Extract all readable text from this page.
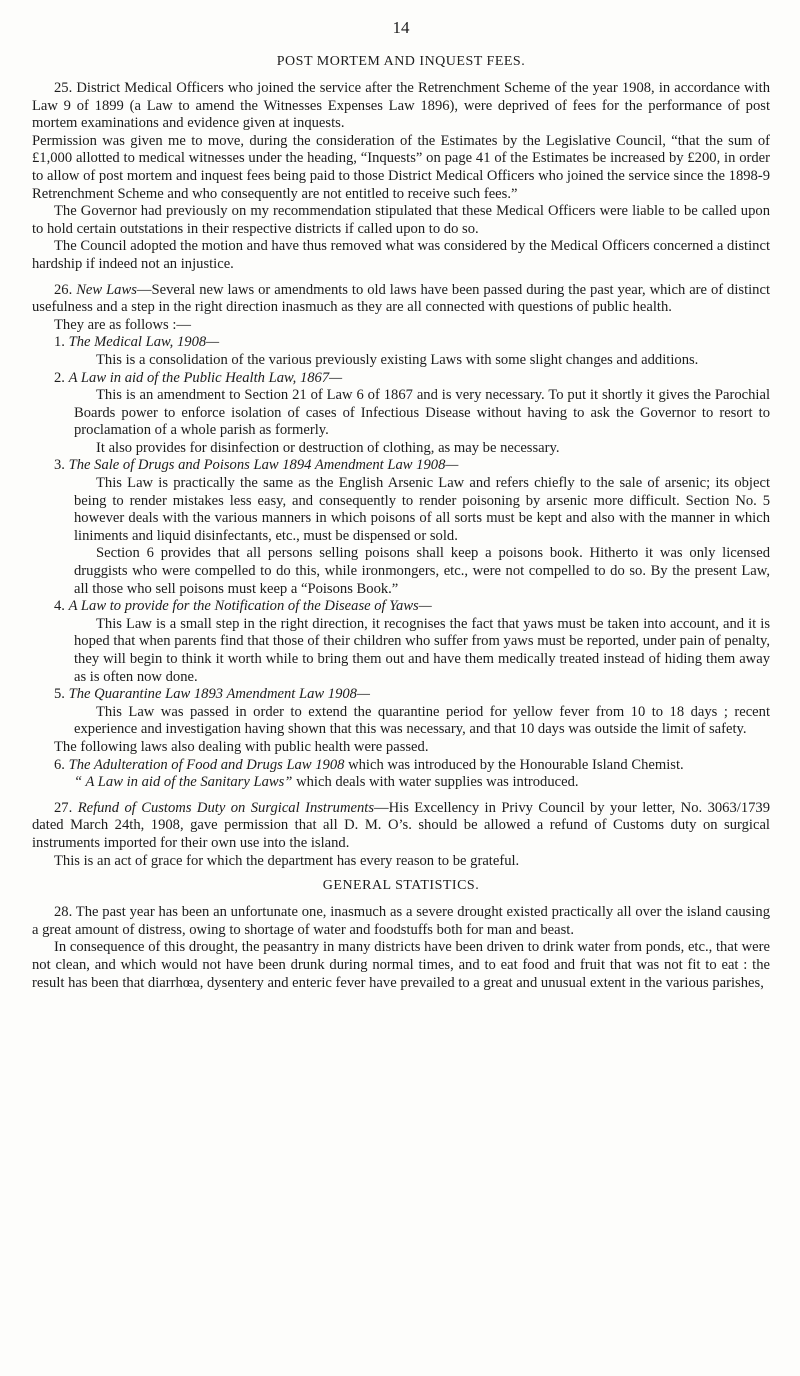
14
POST MORTEM AND INQUEST FEES.

25. District Medical Officers who joined the service after the Retrenchment Scheme of the year 1908, in accordance with Law 9 of 1899 (a Law to amend the Witnesses Expenses Law 1896), were deprived of fees for the performance of post mortem examinations and evidence given at inquests.

Permission was given me to move, during the consideration of the Estimates by the Legislative Council, “that the sum of £1,000 allotted to medical witnesses under the heading, “Inquests” on page 41 of the Estimates be increased by £200, in order to allow of post mortem and inquest fees being paid to those District Medical Officers who joined the service since the 1898-9 Retrenchment Scheme and who consequently are not entitled to receive such fees.”

The Governor had previously on my recommendation stipulated that these Medical Officers were liable to be called upon to hold certain outstations in their respective districts if called upon to do so.

The Council adopted the motion and have thus removed what was considered by the Medical Officers concerned a distinct hardship if indeed not an injustice.

26. New Laws—Several new laws or amendments to old laws have been passed during the past year, which are of distinct usefulness and a step in the right direction inasmuch as they are all connected with questions of public health.

They are as follows :—

1. The Medical Law, 1908—

This is a consolidation of the various previously existing Laws with some slight changes and additions.

2. A Law in aid of the Public Health Law, 1867—

This is an amendment to Section 21 of Law 6 of 1867 and is very necessary. To put it shortly it gives the Parochial Boards power to enforce isolation of cases of Infectious Disease without having to ask the Governor to resort to proclamation of a whole parish as formerly.

It also provides for disinfection or destruction of clothing, as may be necessary.

3. The Sale of Drugs and Poisons Law 1894 Amendment Law 1908—

This Law is practically the same as the English Arsenic Law and refers chiefly to the sale of arsenic; its object being to render mistakes less easy, and consequently to render poisoning by arsenic more difficult. Section No. 5 however deals with the various manners in which poisons of all sorts must be kept and also with the manner in which liniments and liquid disinfectants, etc., must be dispensed or sold.

Section 6 provides that all persons selling poisons shall keep a poisons book. Hitherto it was only licensed druggists who were compelled to do this, while ironmongers, etc., were not compelled to do so. By the present Law, all those who sell poisons must keep a “Poisons Book.”

4. A Law to provide for the Notification of the Disease of Yaws—

This Law is a small step in the right direction, it recognises the fact that yaws must be taken into account, and it is hoped that when parents find that those of their children who suffer from yaws must be reported, under pain of penalty, they will begin to think it worth while to bring them out and have them medically treated instead of hiding them away as is often now done.

5. The Quarantine Law 1893 Amendment Law 1908—

This Law was passed in order to extend the quarantine period for yellow fever from 10 to 18 days ; recent experience and investigation having shown that this was necessary, and that 10 days was outside the limit of safety.

The following laws also dealing with public health were passed.

6. The Adulteration of Food and Drugs Law 1908 which was introduced by the Honourable Island Chemist.

“ A Law in aid of the Sanitary Laws” which deals with water supplies was introduced.

27. Refund of Customs Duty on Surgical Instruments—His Excellency in Privy Council by your letter, No. 3063/1739 dated March 24th, 1908, gave permission that all D. M. O’s. should be allowed a refund of Customs duty on surgical instruments imported for their own use into the island.

This is an act of grace for which the department has every reason to be grateful.

GENERAL STATISTICS.

28. The past year has been an unfortunate one, inasmuch as a severe drought existed practically all over the island causing a great amount of distress, owing to shortage of water and foodstuffs both for man and beast.

In consequence of this drought, the peasantry in many districts have been driven to drink water from ponds, etc., that were not clean, and which would not have been drunk during normal times, and to eat food and fruit that was not fit to eat : the result has been that diarrhœa, dysentery and enteric fever have prevailed to a great and unusual extent in the various parishes,
